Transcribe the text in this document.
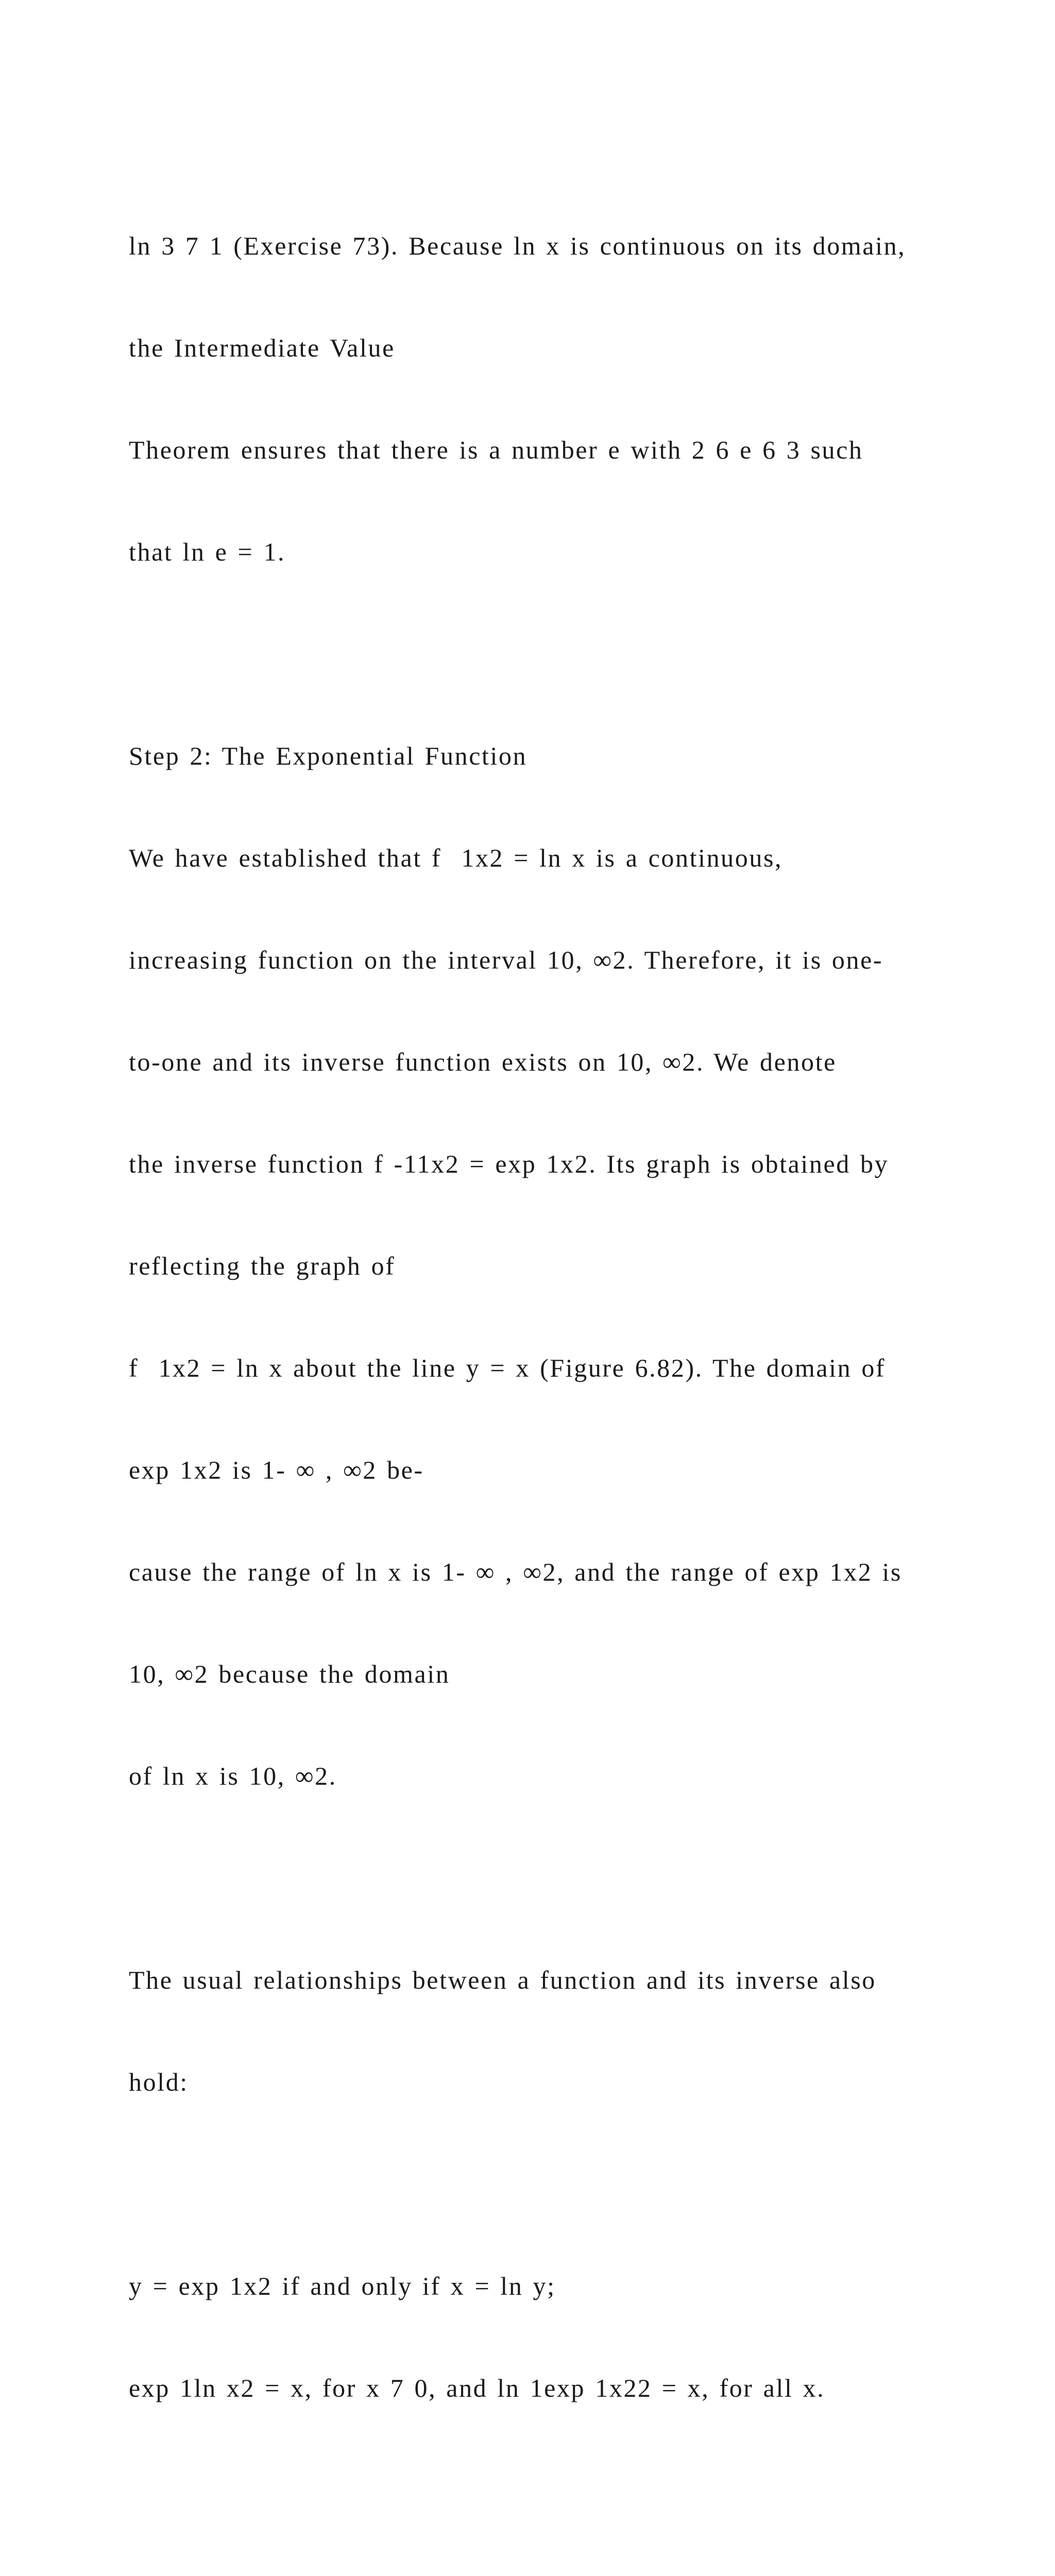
ln 3 7 1 (Exercise 73). Because ln x is continuous on its domain,

the Intermediate Value

Theorem ensures that there is a number e with 2 6 e 6 3 such

that ln e = 1.

Step 2: The Exponential Function

We have established that f  1x2 = ln x is a continuous,

increasing function on the interval 10, ∞2. Therefore, it is one-

to-one and its inverse function exists on 10, ∞2. We denote

the inverse function f -11x2 = exp 1x2. Its graph is obtained by

reflecting the graph of

f  1x2 = ln x about the line y = x (Figure 6.82). The domain of

exp 1x2 is 1- ∞ , ∞2 be-

cause the range of ln x is 1- ∞ , ∞2, and the range of exp 1x2 is

10, ∞2 because the domain

of ln x is 10, ∞2.

The usual relationships between a function and its inverse also

hold:

y = exp 1x2 if and only if x = ln y;

exp 1ln x2 = x, for x 7 0, and ln 1exp 1x22 = x, for all x.
